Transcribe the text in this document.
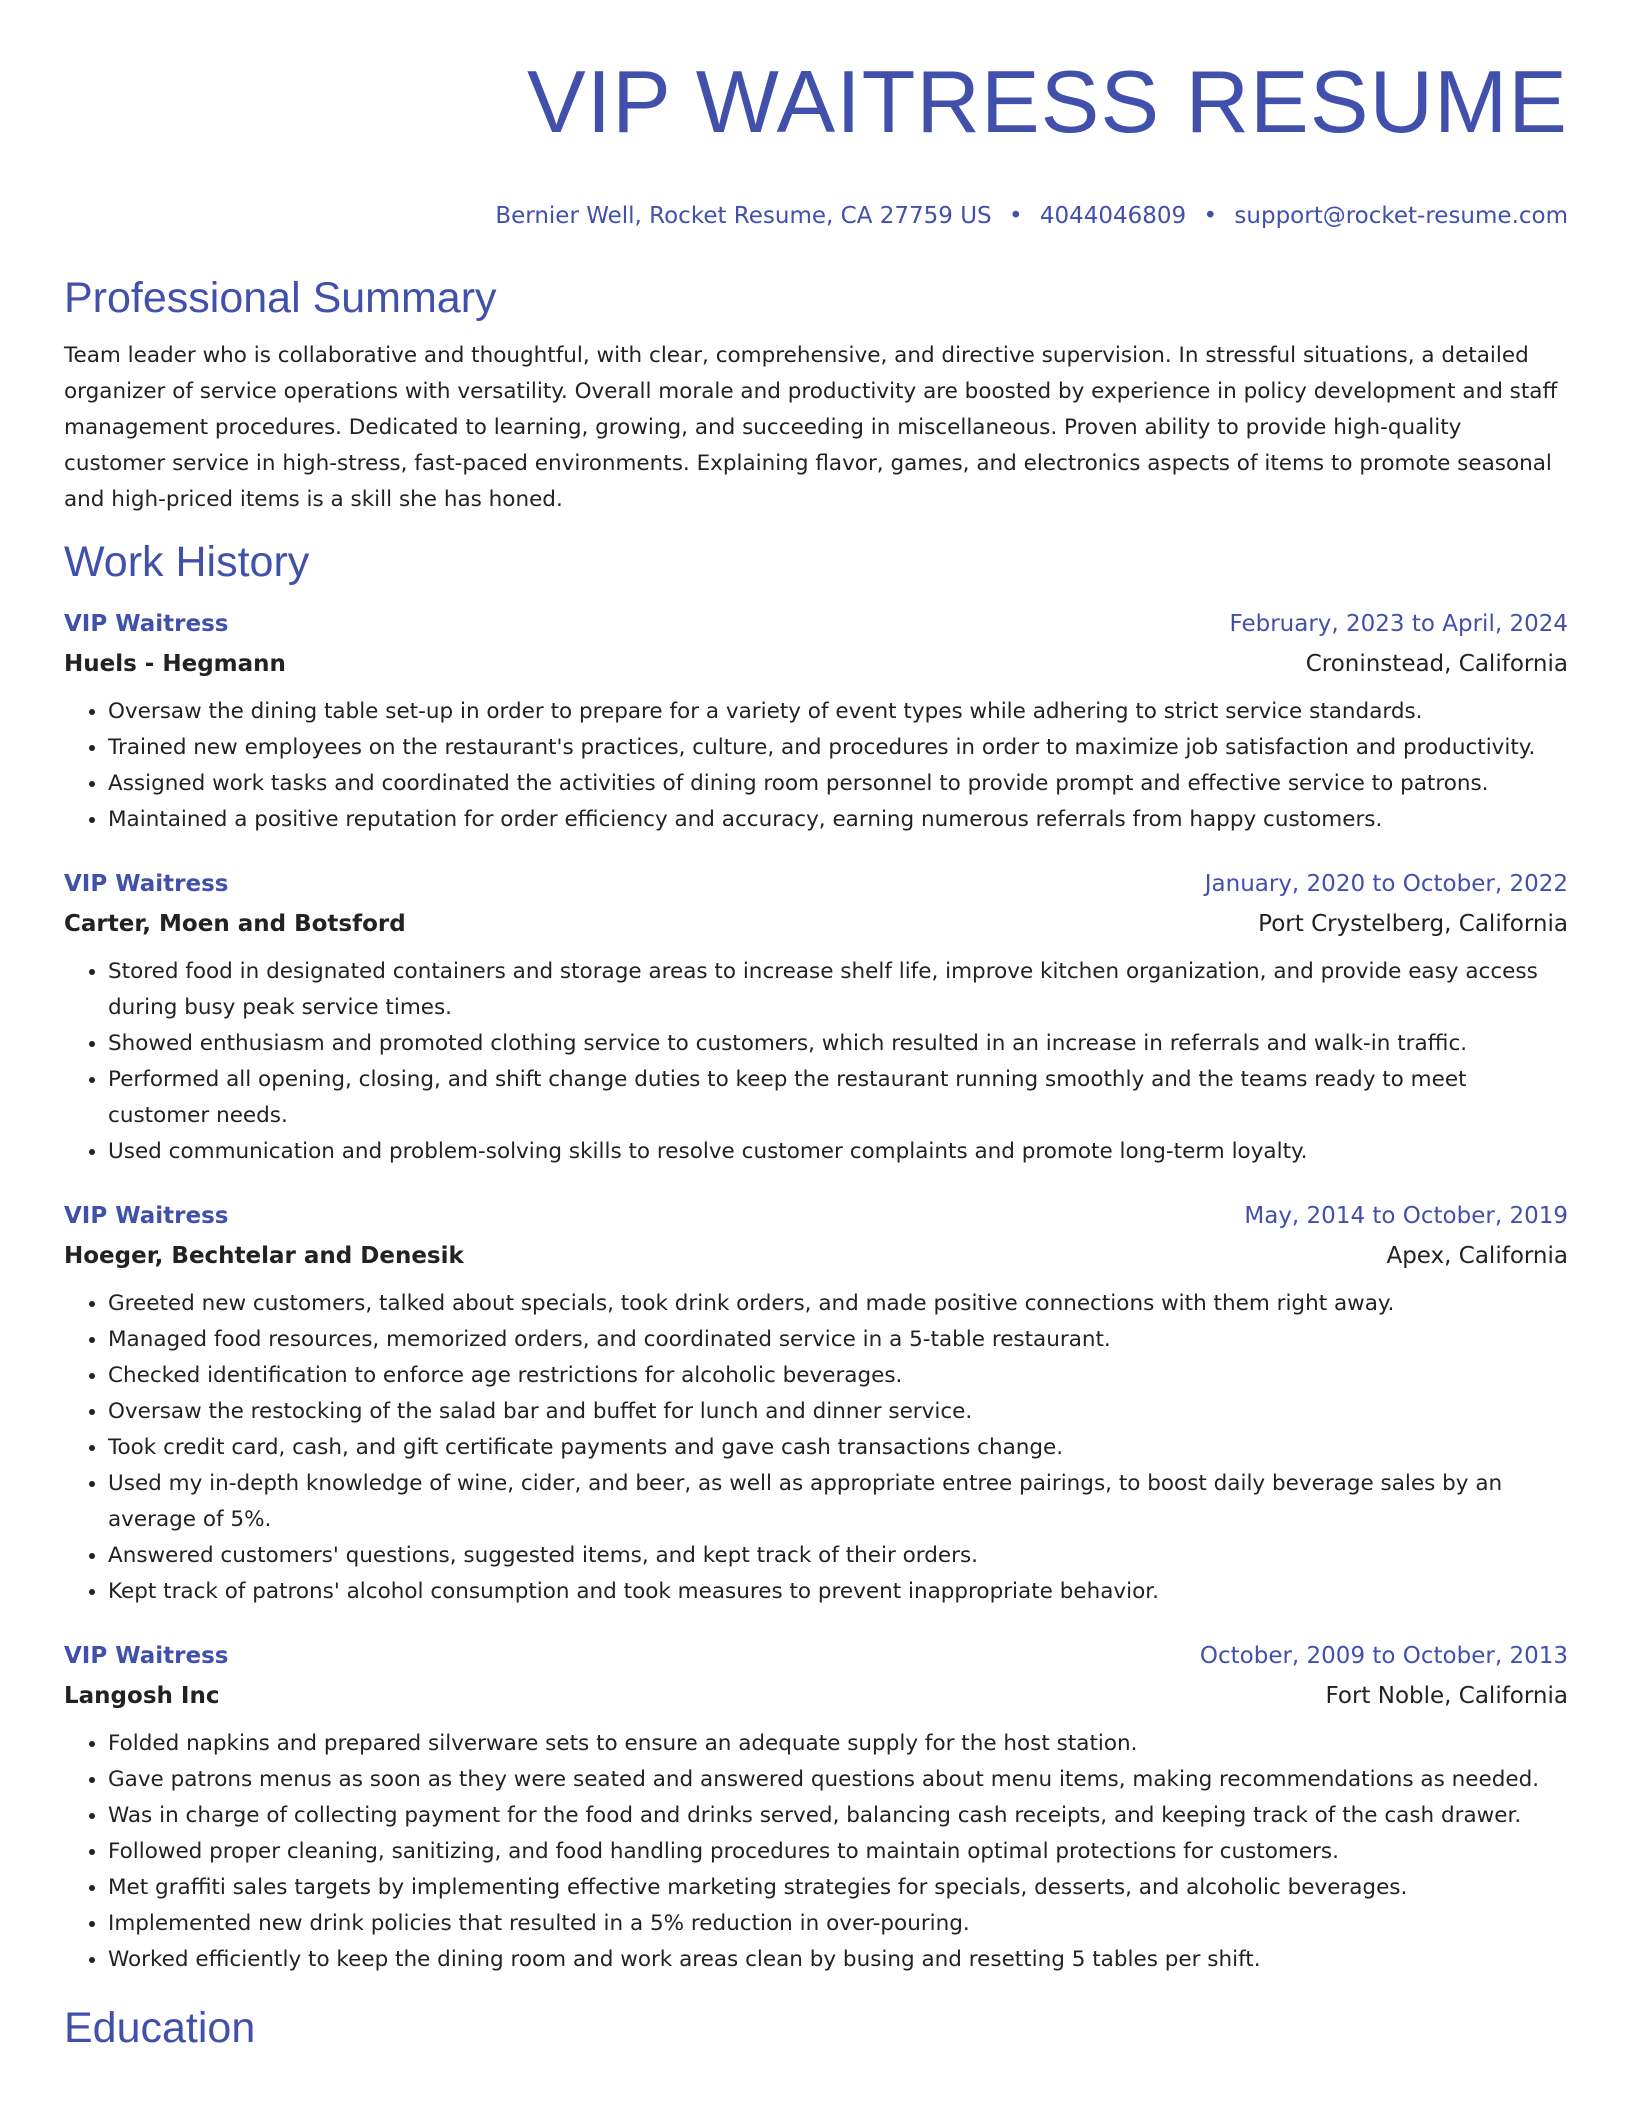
VIP WAITRESS RESUME
Bernier Well, Rocket Resume, CA 27759 US • 4044046809 • support@rocket-resume.com
Professional Summary

Team leader who is collaborative and thoughtful, with clear, comprehensive, and directive supervision. In stressful situations, a detailed organizer of service operations with versatility. Overall morale and productivity are boosted by experience in policy development and staff management procedures. Dedicated to learning, growing, and succeeding in miscellaneous. Proven ability to provide high-quality customer service in high-stress, fast-paced environments. Explaining flavor, games, and electronics aspects of items to promote seasonal and high-priced items is a skill she has honed.

Work History
VIP Waitress	February, 2023 to April, 2024
Huels - Hegmann	Croninstead, California
• Oversaw the dining table set-up in order to prepare for a variety of event types while adhering to strict service standards.
• Trained new employees on the restaurant's practices, culture, and procedures in order to maximize job satisfaction and productivity.
• Assigned work tasks and coordinated the activities of dining room personnel to provide prompt and effective service to patrons.
• Maintained a positive reputation for order efficiency and accuracy, earning numerous referrals from happy customers.
VIP Waitress	January, 2020 to October, 2022
Carter, Moen and Botsford	Port Crystelberg, California
• Stored food in designated containers and storage areas to increase shelf life, improve kitchen organization, and provide easy access during busy peak service times.
• Showed enthusiasm and promoted clothing service to customers, which resulted in an increase in referrals and walk-in traffic.
• Performed all opening, closing, and shift change duties to keep the restaurant running smoothly and the teams ready to meet customer needs.
• Used communication and problem-solving skills to resolve customer complaints and promote long-term loyalty.
VIP Waitress	May, 2014 to October, 2019
Hoeger, Bechtelar and Denesik	Apex, California
• Greeted new customers, talked about specials, took drink orders, and made positive connections with them right away.
• Managed food resources, memorized orders, and coordinated service in a 5-table restaurant.
• Checked identification to enforce age restrictions for alcoholic beverages.
• Oversaw the restocking of the salad bar and buffet for lunch and dinner service.
• Took credit card, cash, and gift certificate payments and gave cash transactions change.
• Used my in-depth knowledge of wine, cider, and beer, as well as appropriate entree pairings, to boost daily beverage sales by an average of 5%.
• Answered customers' questions, suggested items, and kept track of their orders.
• Kept track of patrons' alcohol consumption and took measures to prevent inappropriate behavior.
VIP Waitress	October, 2009 to October, 2013
Langosh Inc	Fort Noble, California
• Folded napkins and prepared silverware sets to ensure an adequate supply for the host station.
• Gave patrons menus as soon as they were seated and answered questions about menu items, making recommendations as needed.
• Was in charge of collecting payment for the food and drinks served, balancing cash receipts, and keeping track of the cash drawer.
• Followed proper cleaning, sanitizing, and food handling procedures to maintain optimal protections for customers.
• Met graffiti sales targets by implementing effective marketing strategies for specials, desserts, and alcoholic beverages.
• Implemented new drink policies that resulted in a 5% reduction in over-pouring.
• Worked efficiently to keep the dining room and work areas clean by busing and resetting 5 tables per shift.
Education
